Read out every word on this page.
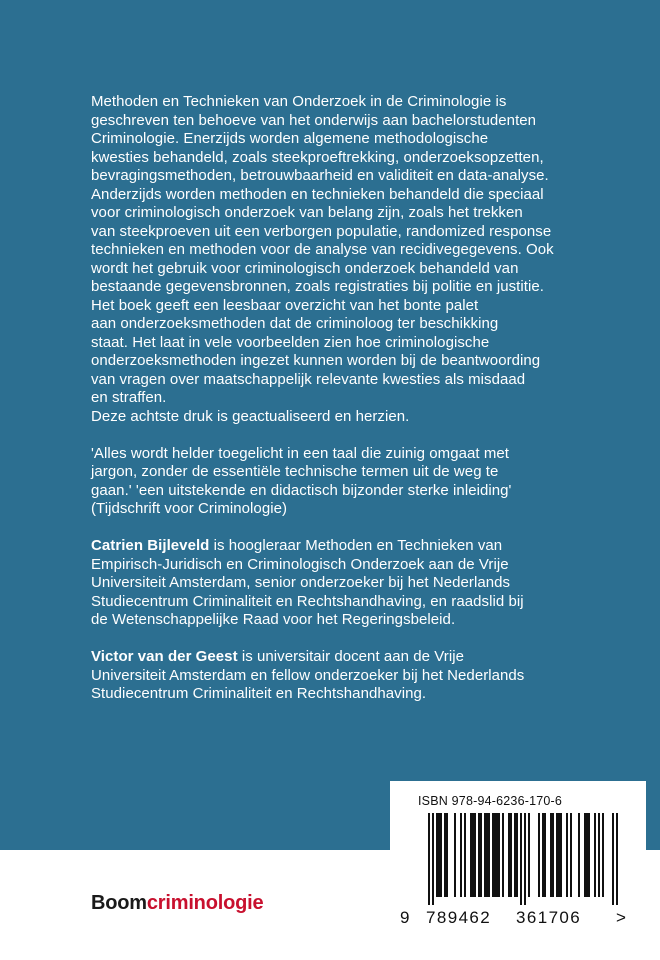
Methoden en Technieken van Onderzoek in de Criminologie is
geschreven ten behoeve van het onderwijs aan bachelorstudenten
Criminologie. Enerzijds worden algemene methodologische
kwesties behandeld, zoals steekproeftrekking, onderzoeksopzetten,
bevragingsmethoden, betrouwbaarheid en validiteit en data-analyse.
Anderzijds worden methoden en technieken behandeld die speciaal
voor criminologisch onderzoek van belang zijn, zoals het trekken
van steekproeven uit een verborgen populatie, randomized response
technieken en methoden voor de analyse van recidivegegevens. Ook
wordt het gebruik voor criminologisch onderzoek behandeld van
bestaande gegevensbronnen, zoals registraties bij politie en justitie.
Het boek geeft een leesbaar overzicht van het bonte palet
aan onderzoeksmethoden dat de criminoloog ter beschikking
staat. Het laat in vele voorbeelden zien hoe criminologische
onderzoeksmethoden ingezet kunnen worden bij de beantwoording
van vragen over maatschappelijk relevante kwesties als misdaad
en straffen.
Deze achtste druk is geactualiseerd en herzien.

'Alles wordt helder toegelicht in een taal die zuinig omgaat met
jargon, zonder de essentiële technische termen uit de weg te
gaan.' 'een uitstekende en didactisch bijzonder sterke inleiding'
(Tijdschrift voor Criminologie)

Catrien Bijleveld is hoogleraar Methoden en Technieken van
Empirisch-Juridisch en Criminologisch Onderzoek aan de Vrije
Universiteit Amsterdam, senior onderzoeker bij het Nederlands
Studiecentrum Criminaliteit en Rechtshandhaving, en raadslid bij
de Wetenschappelijke Raad voor het Regeringsbeleid.

Victor van der Geest is universitair docent aan de Vrije
Universiteit Amsterdam en fellow onderzoeker bij het Nederlands
Studiecentrum Criminaliteit en Rechtshandhaving.

Boomcriminologie
ISBN 978-94-6236-170-6
9 789462 361706 >
